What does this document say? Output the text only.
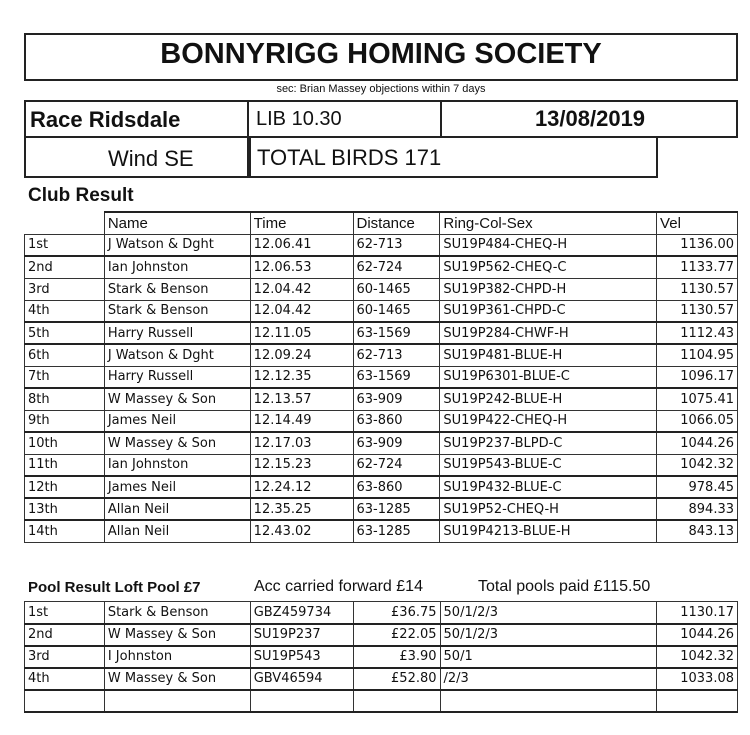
BONNYRIGG HOMING SOCIETY
sec: Brian Massey objections within 7 days
Race Ridsdale	LIB 10.30	13/08/2019
Wind SE	TOTAL BIRDS 171
Club Result
	Name	Time	Distance	Ring-Col-Sex	Vel
1st	J Watson & Dght	12.06.41	62-713	SU19P484-CHEQ-H	1136.00
2nd	Ian Johnston	12.06.53	62-724	SU19P562-CHEQ-C	1133.77
3rd	Stark & Benson	12.04.42	60-1465	SU19P382-CHPD-H	1130.57
4th	Stark & Benson	12.04.42	60-1465	SU19P361-CHPD-C	1130.57
5th	Harry Russell	12.11.05	63-1569	SU19P284-CHWF-H	1112.43
6th	J Watson & Dght	12.09.24	62-713	SU19P481-BLUE-H	1104.95
7th	Harry Russell	12.12.35	63-1569	SU19P6301-BLUE-C	1096.17
8th	W Massey & Son	12.13.57	63-909	SU19P242-BLUE-H	1075.41
9th	James Neil	12.14.49	63-860	SU19P422-CHEQ-H	1066.05
10th	W Massey & Son	12.17.03	63-909	SU19P237-BLPD-C	1044.26
11th	Ian Johnston	12.15.23	62-724	SU19P543-BLUE-C	1042.32
12th	James Neil	12.24.12	63-860	SU19P432-BLUE-C	978.45
13th	Allan Neil	12.35.25	63-1285	SU19P52-CHEQ-H	894.33
14th	Allan Neil	12.43.02	63-1285	SU19P4213-BLUE-H	843.13
Pool Result Loft Pool £7	Acc carried forward £14	Total pools paid £115.50
1st	Stark & Benson	GBZ459734	£36.75	50/1/2/3	1130.17
2nd	W Massey & Son	SU19P237	£22.05	50/1/2/3	1044.26
3rd	I Johnston	SU19P543	£3.90	50/1	1042.32
4th	W Massey & Son	GBV46594	£52.80	/2/3	1033.08
